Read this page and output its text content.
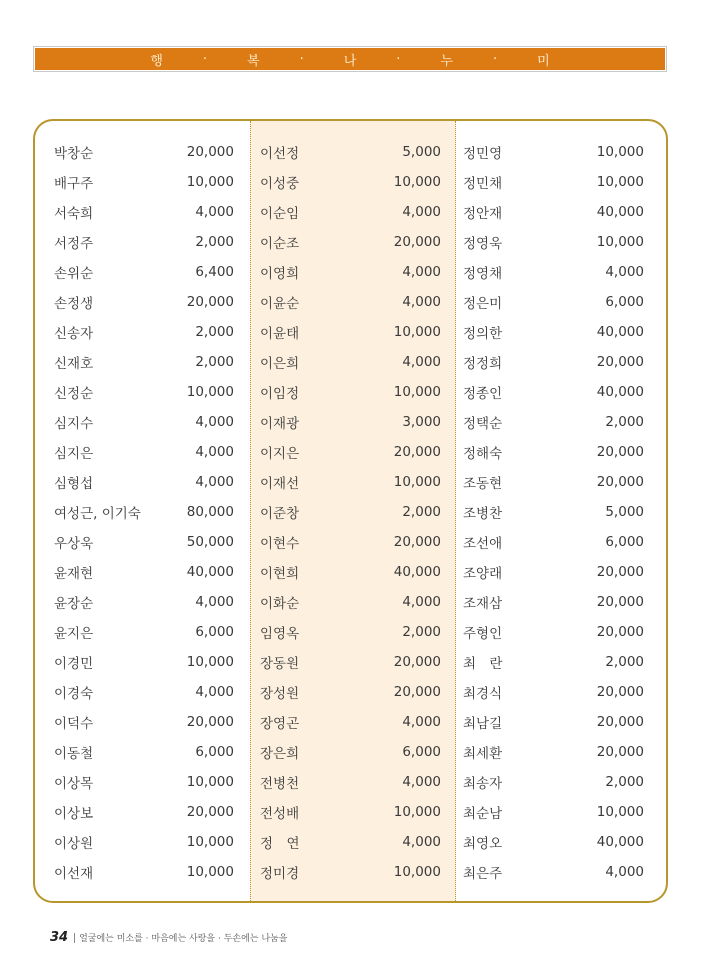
행	·	복	·	나	·	누	·	미
박창순	20,000
배구주	10,000
서숙희	4,000
서정주	2,000
손위순	6,400
손정생	20,000
신송자	2,000
신재호	2,000
신정순	10,000
심지수	4,000
심지은	4,000
심형섭	4,000
여성근, 이기숙	80,000
우상욱	50,000
윤재현	40,000
윤장순	4,000
윤지은	6,000
이경민	10,000
이경숙	4,000
이덕수	20,000
이동철	6,000
이상목	10,000
이상보	20,000
이상원	10,000
이선재	10,000
이선정	5,000
이성중	10,000
이순임	4,000
이순조	20,000
이영희	4,000
이윤순	4,000
이윤태	10,000
이은희	4,000
이임정	10,000
이재광	3,000
이지은	20,000
이재선	10,000
이준창	2,000
이현수	20,000
이현희	40,000
이화순	4,000
임영옥	2,000
장동원	20,000
장성원	20,000
장영곤	4,000
장은희	6,000
전병천	4,000
전성배	10,000
정　연	4,000
정미경	10,000
정민영	10,000
정민채	10,000
정안재	40,000
정영욱	10,000
정영채	4,000
정은미	6,000
정의한	40,000
정정희	20,000
정종인	40,000
정택순	2,000
정해숙	20,000
조동현	20,000
조병찬	5,000
조선애	6,000
조양래	20,000
조재삼	20,000
주형인	20,000
최　란	2,000
최경식	20,000
최남길	20,000
최세환	20,000
최송자	2,000
최순남	10,000
최영오	40,000
최은주	4,000
34 얼굴에는 미소를 · 마음에는 사랑을 · 두손에는 나눔을
